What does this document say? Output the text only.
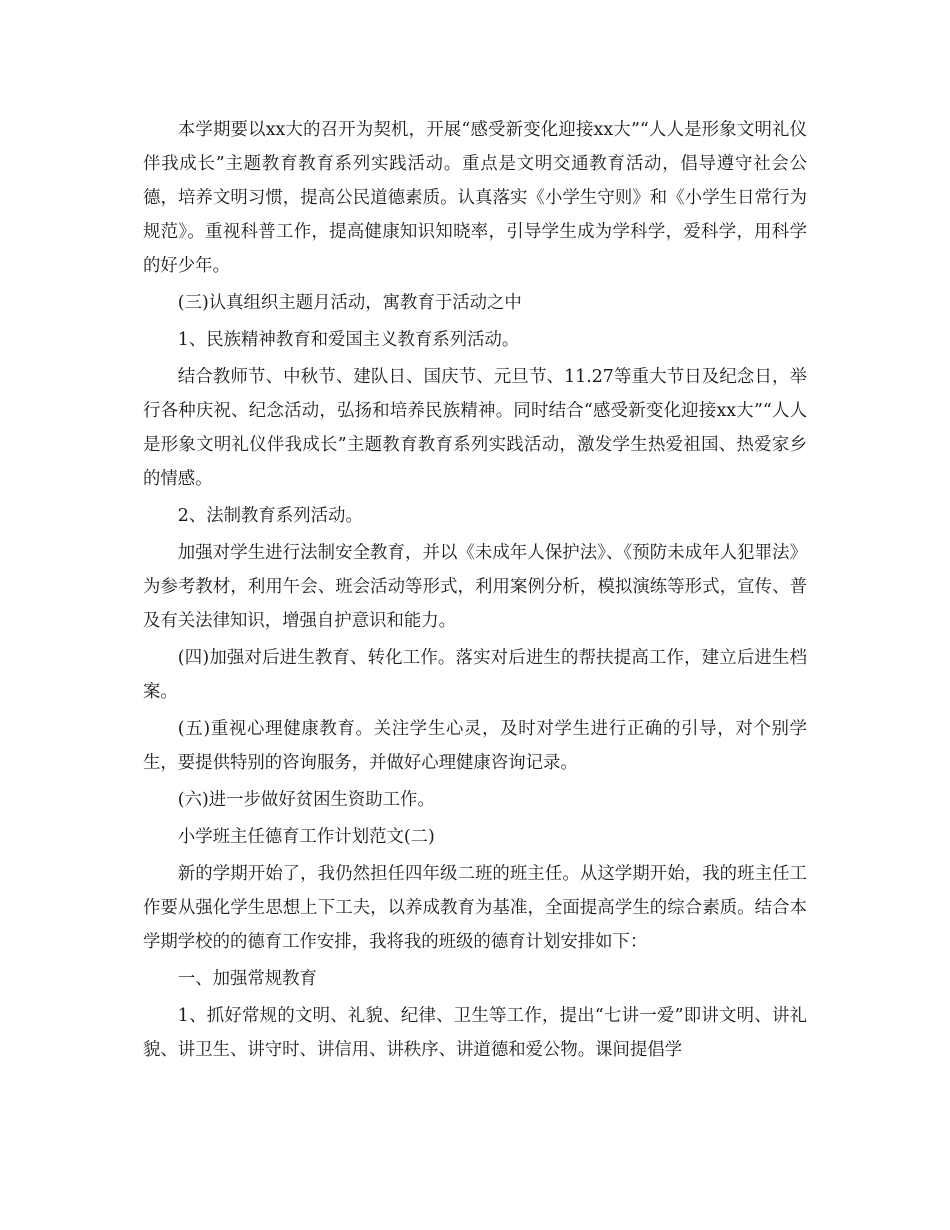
本学期要以xx大的召开为契机，开展“感受新变化迎接xx大”“人人是形象文明礼仪伴我成长”主题教育教育系列实践活动。重点是文明交通教育活动，倡导遵守社会公德，培养文明习惯，提高公民道德素质。认真落实《小学生守则》和《小学生日常行为规范》。重视科普工作，提高健康知识知晓率，引导学生成为学科学，爱科学，用科学的好少年。

(三)认真组织主题月活动，寓教育于活动之中

1、民族精神教育和爱国主义教育系列活动。

结合教师节、中秋节、建队日、国庆节、元旦节、11.27等重大节日及纪念日，举行各种庆祝、纪念活动，弘扬和培养民族精神。同时结合“感受新变化迎接xx大”“人人是形象文明礼仪伴我成长”主题教育教育系列实践活动，激发学生热爱祖国、热爱家乡的情感。

2、法制教育系列活动。

加强对学生进行法制安全教育，并以《未成年人保护法》、《预防未成年人犯罪法》为参考教材，利用午会、班会活动等形式，利用案例分析，模拟演练等形式，宣传、普及有关法律知识，增强自护意识和能力。

(四)加强对后进生教育、转化工作。落实对后进生的帮扶提高工作，建立后进生档案。

(五)重视心理健康教育。关注学生心灵，及时对学生进行正确的引导，对个别学生，要提供特别的咨询服务，并做好心理健康咨询记录。

(六)进一步做好贫困生资助工作。

小学班主任德育工作计划范文(二)

新的学期开始了，我仍然担任四年级二班的班主任。从这学期开始，我的班主任工作要从强化学生思想上下工夫，以养成教育为基准，全面提高学生的综合素质。结合本学期学校的的德育工作安排，我将我的班级的德育计划安排如下：

一、加强常规教育

1、抓好常规的文明、礼貌、纪律、卫生等工作，提出“七讲一爱”即讲文明、讲礼貌、讲卫生、讲守时、讲信用、讲秩序、讲道德和爱公物。课间提倡学
